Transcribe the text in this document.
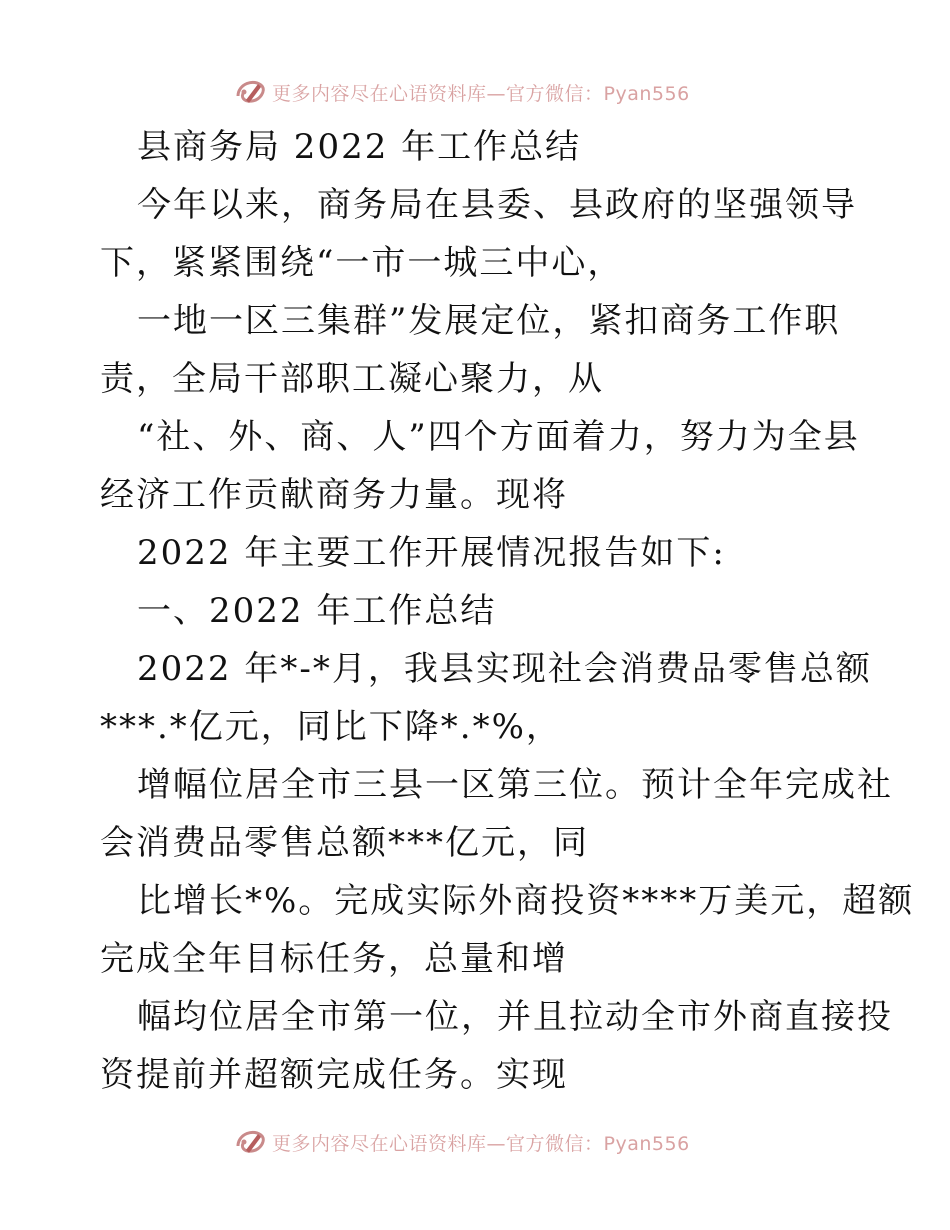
更多内容尽在心语资料库—官方微信：Pyan556
县商务局 2022 年工作总结
今年以来，商务局在县委、县政府的坚强领导
下，紧紧围绕“一市一城三中心，
一地一区三集群”发展定位，紧扣商务工作职
责，全局干部职工凝心聚力，从
“社、外、商、人”四个方面着力，努力为全县
经济工作贡献商务力量。现将
2022 年主要工作开展情况报告如下:
一、2022 年工作总结
2022 年*-*月，我县实现社会消费品零售总额
***.*亿元，同比下降*.*%，
增幅位居全市三县一区第三位。预计全年完成社
会消费品零售总额***亿元，同
比增长*%。完成实际外商投资****万美元，超额
完成全年目标任务，总量和增
幅均位居全市第一位，并且拉动全市外商直接投
资提前并超额完成任务。实现
更多内容尽在心语资料库—官方微信：Pyan556
